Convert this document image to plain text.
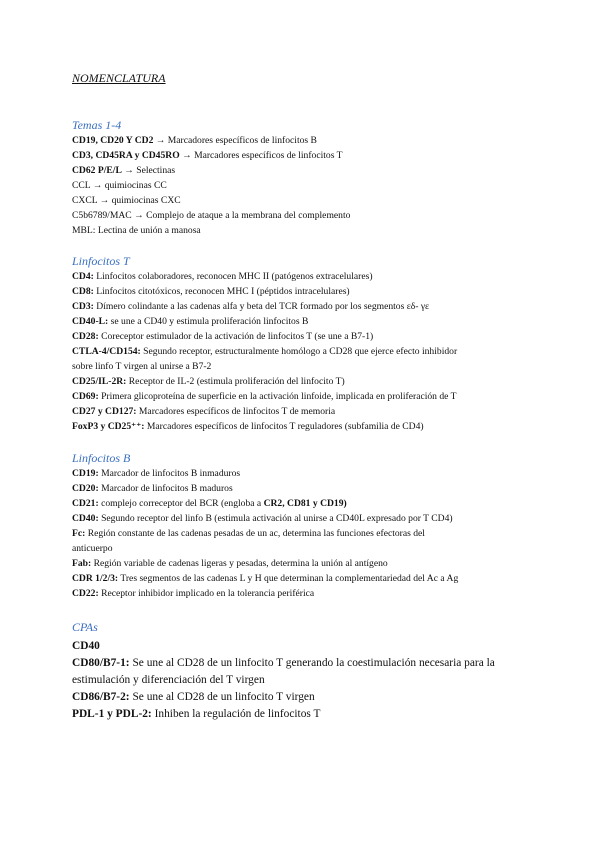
NOMENCLATURA

Temas 1-4

CD19, CD20 Y CD2 → Marcadores específicos de linfocitos B

CD3, CD45RA y CD45RO → Marcadores específicos de linfocitos T

CD62 P/E/L → Selectinas

CCL → quimiocinas CC

CXCL → quimiocinas CXC

C5b6789/MAC → Complejo de ataque a la membrana del complemento

MBL: Lectina de unión a manosa

Linfocitos T

CD4: Linfocitos colaboradores, reconocen MHC II (patógenos extracelulares)

CD8: Linfocitos citotóxicos, reconocen MHC I (péptidos intracelulares)

CD3: Dímero colindante a las cadenas alfa y beta del TCR formado por los segmentos εδ- γε

CD40-L: se une a CD40 y estimula proliferación linfocitos B

CD28: Coreceptor estimulador de la activación de linfocitos T (se une a B7-1)

CTLA-4/CD154: Segundo receptor, estructuralmente homólogo a CD28 que ejerce efecto inhibidor

sobre linfo T virgen al unirse a B7-2

CD25/IL-2R: Receptor de IL-2 (estimula proliferación del linfocito T)

CD69: Primera glicoproteína de superficie en la activación linfoide, implicada en proliferación de T

CD27 y CD127: Marcadores específicos de linfocitos T de memoria

FoxP3 y CD25⁺⁺: Marcadores específicos de linfocitos T reguladores (subfamilia de CD4)

Linfocitos B

CD19: Marcador de linfocitos B inmaduros

CD20: Marcador de linfocitos B maduros

CD21: complejo correceptor del BCR (engloba a CR2, CD81 y CD19)

CD40: Segundo receptor del linfo B (estimula activación al unirse a CD40L expresado por T CD4)

Fc: Región constante de las cadenas pesadas de un ac, determina las funciones efectoras del

anticuerpo

Fab: Región variable de cadenas ligeras y pesadas, determina la unión al antígeno

CDR 1/2/3: Tres segmentos de las cadenas L y H que determinan la complementariedad del Ac a Ag

CD22: Receptor inhibidor implicado en la tolerancia periférica

CPAs

CD40

CD80/B7-1: Se une al CD28 de un linfocito T generando la coestimulación necesaria para la

estimulación y diferenciación del T virgen

CD86/B7-2: Se une al CD28 de un linfocito T virgen

PDL-1 y PDL-2: Inhiben la regulación de linfocitos T
